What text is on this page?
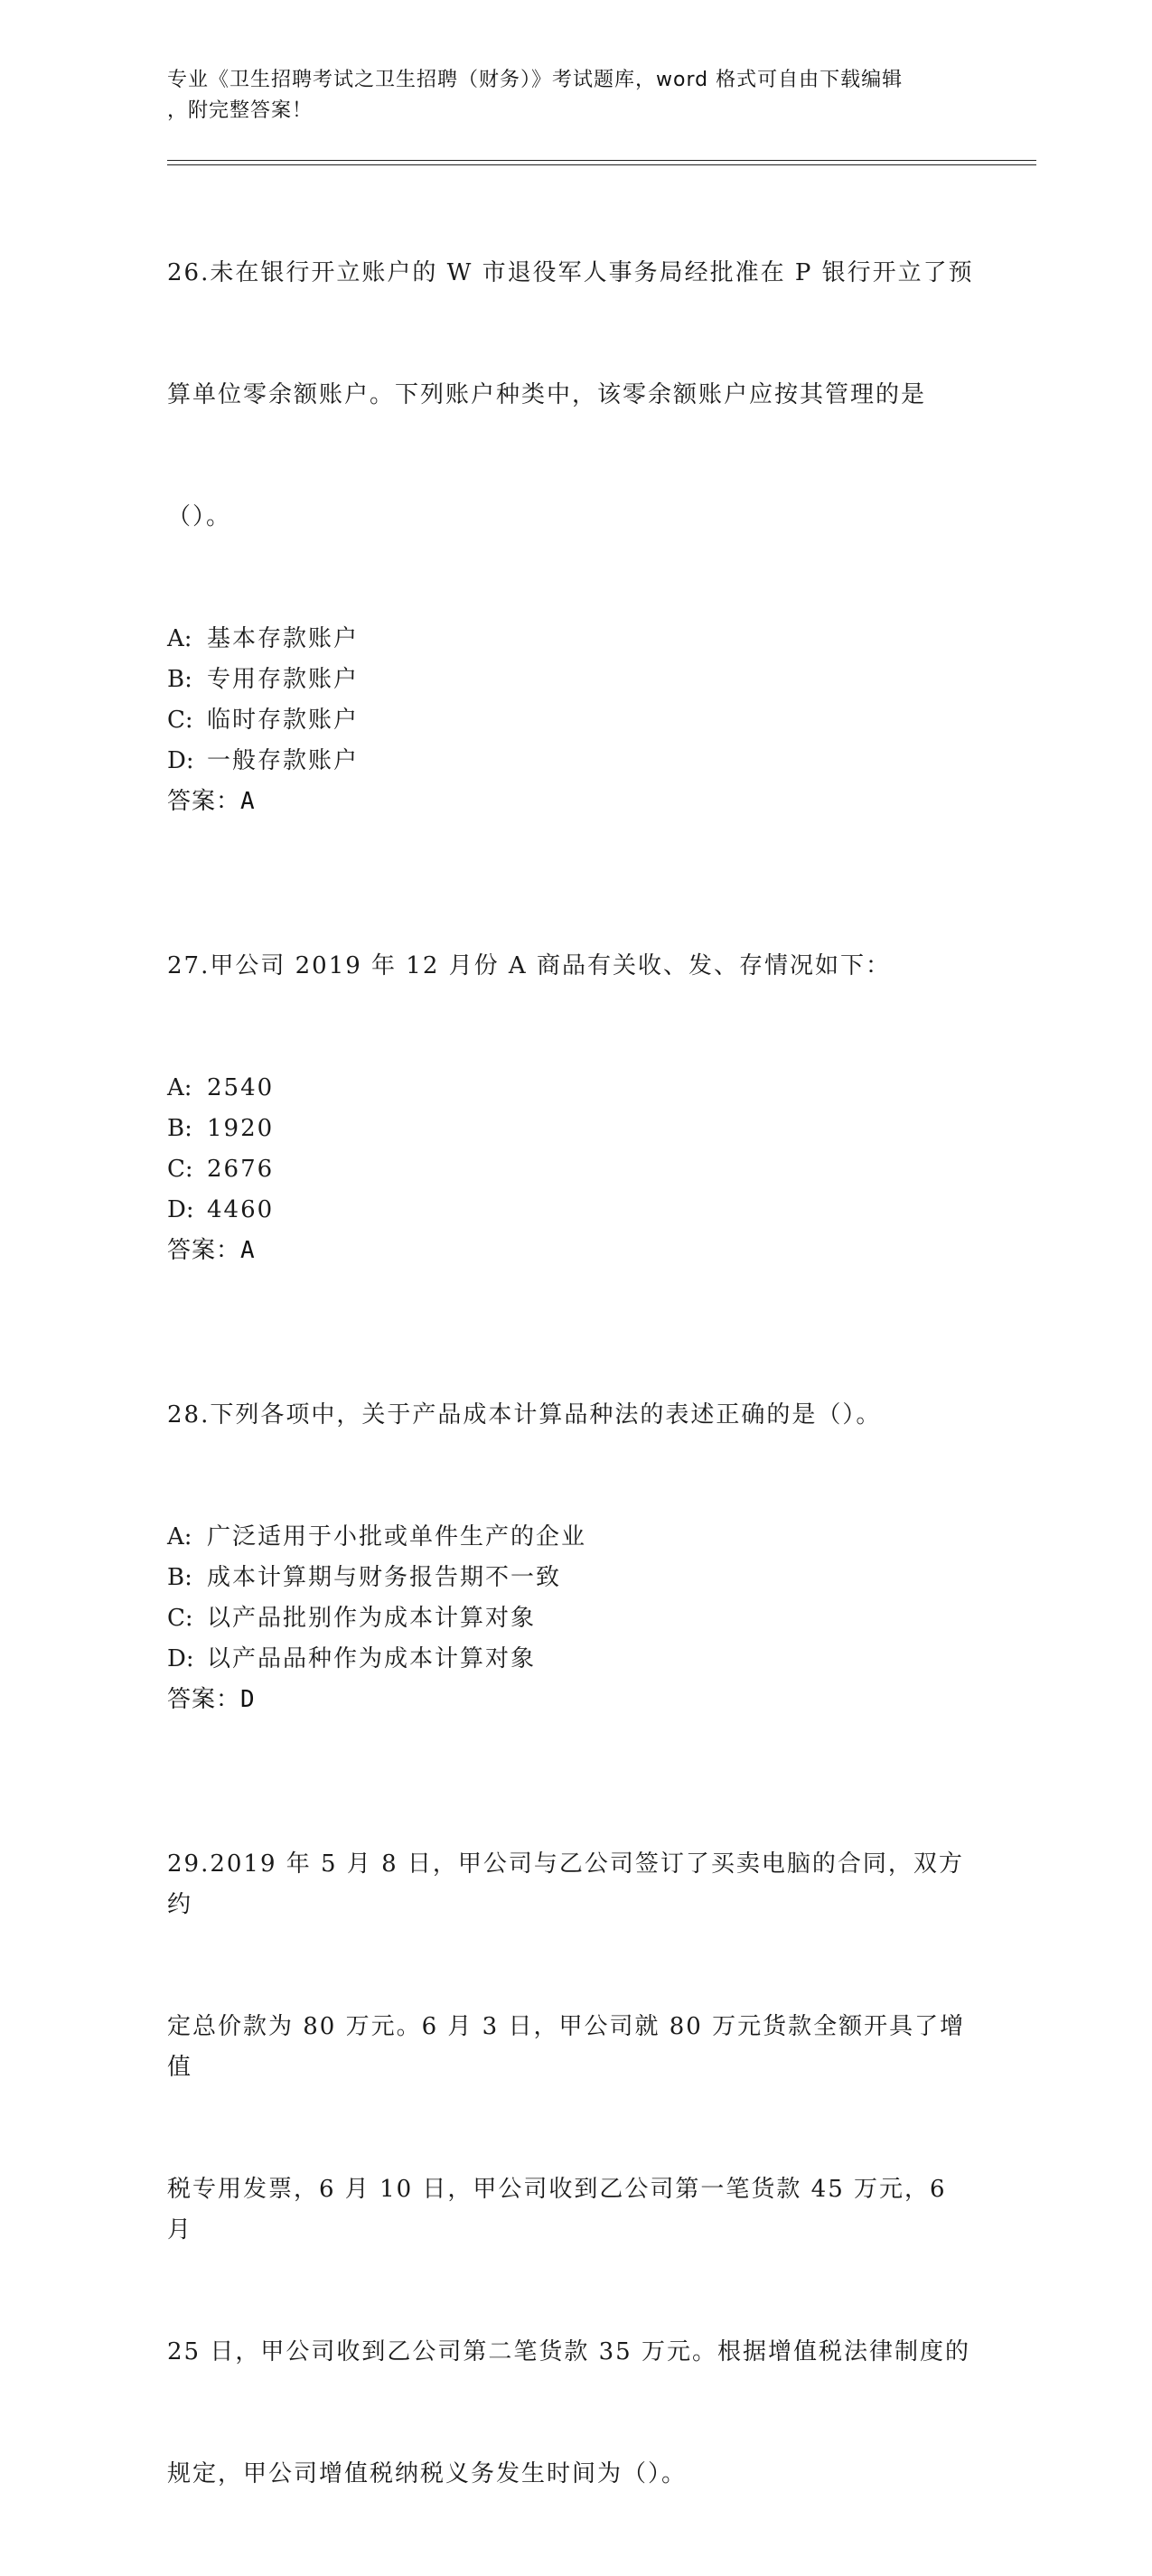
专业《卫生招聘考试之卫生招聘（财务）》考试题库，word 格式可自由下载编辑
，附完整答案！

26.未在银行开立账户的 W 市退役军人事务局经批准在 P 银行开立了预

算单位零余额账户。下列账户种类中，该零余额账户应按其管理的是

（）。

A: 基本存款账户
B: 专用存款账户
C: 临时存款账户
D: 一般存款账户
答案：A

27.甲公司 2019 年 12 月份 A 商品有关收、发、存情况如下：

A: 2540
B: 1920
C: 2676
D: 4460
答案：A

28.下列各项中，关于产品成本计算品种法的表述正确的是（）。

A: 广泛适用于小批或单件生产的企业
B: 成本计算期与财务报告期不一致
C: 以产品批别作为成本计算对象
D: 以产品品种作为成本计算对象
答案：D

29.2019 年 5 月 8 日，甲公司与乙公司签订了买卖电脑的合同，双方约

定总价款为 80 万元。6 月 3 日，甲公司就 80 万元货款全额开具了增值

税专用发票，6 月 10 日，甲公司收到乙公司第一笔货款 45 万元，6 月

25 日，甲公司收到乙公司第二笔货款 35 万元。根据增值税法律制度的

规定，甲公司增值税纳税义务发生时间为（）。
